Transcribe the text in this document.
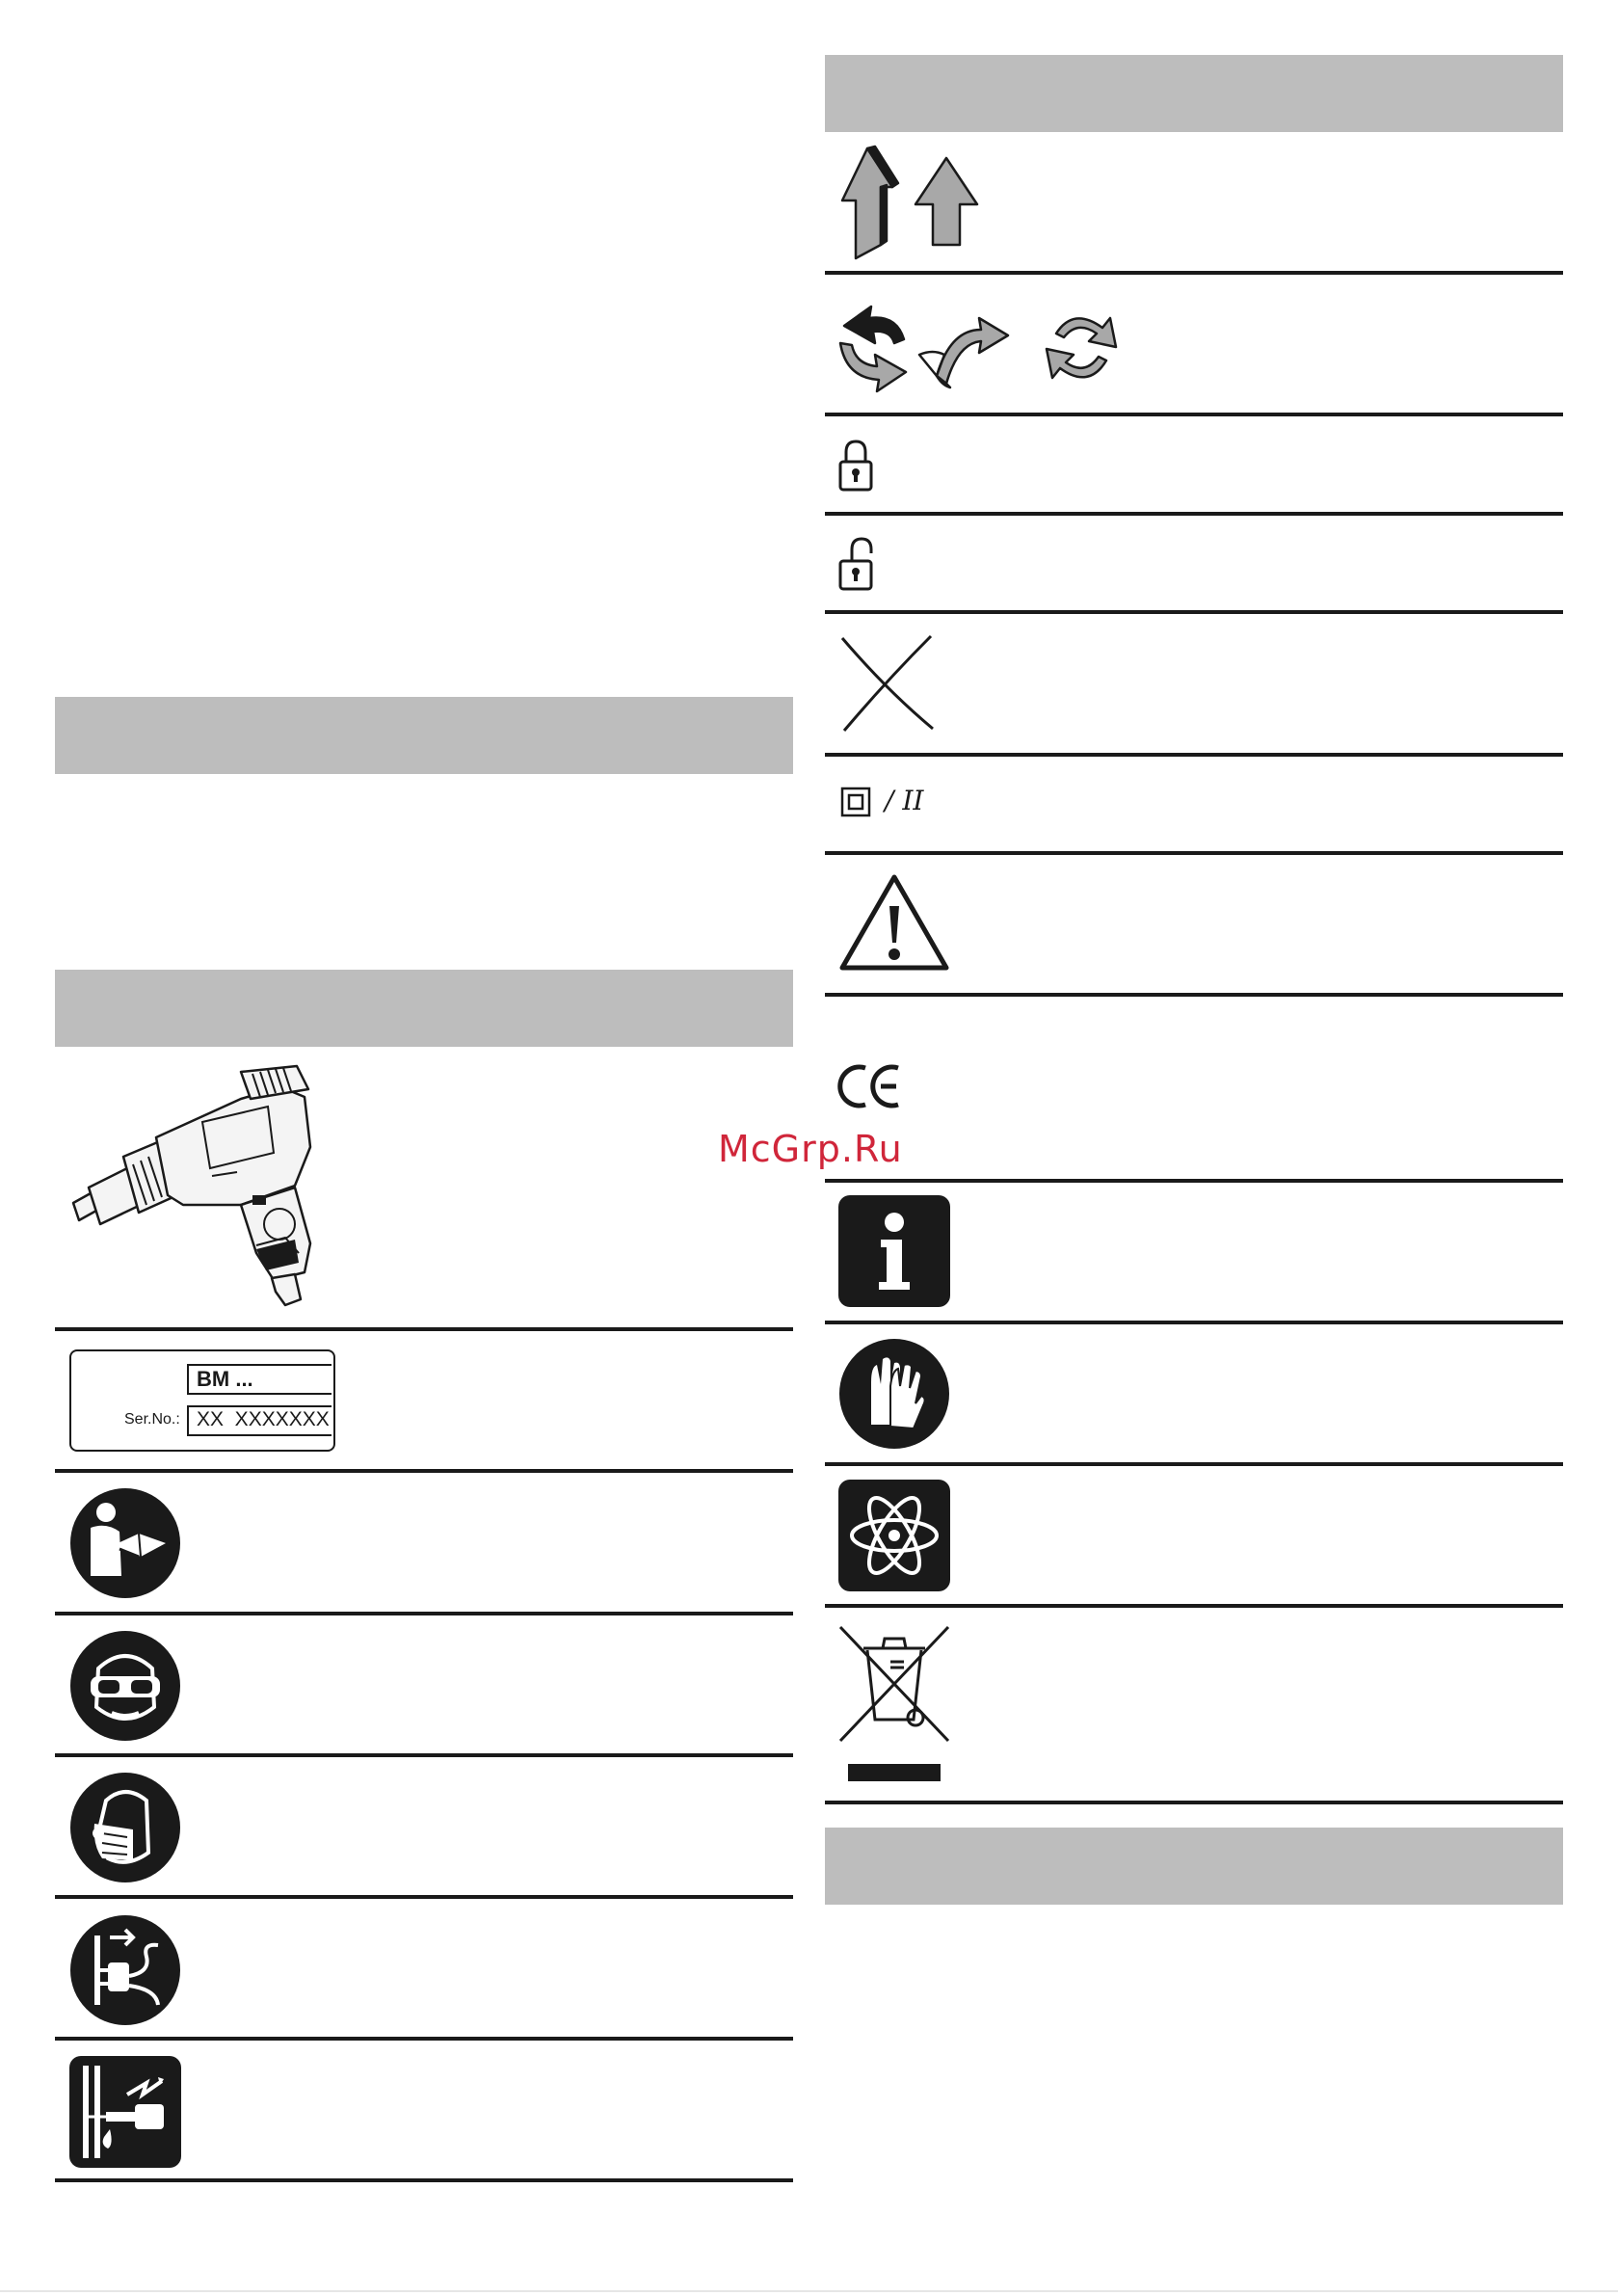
BM ...
Ser.No.: XX  XXXXXXX
/ II
McGrp.Ru
